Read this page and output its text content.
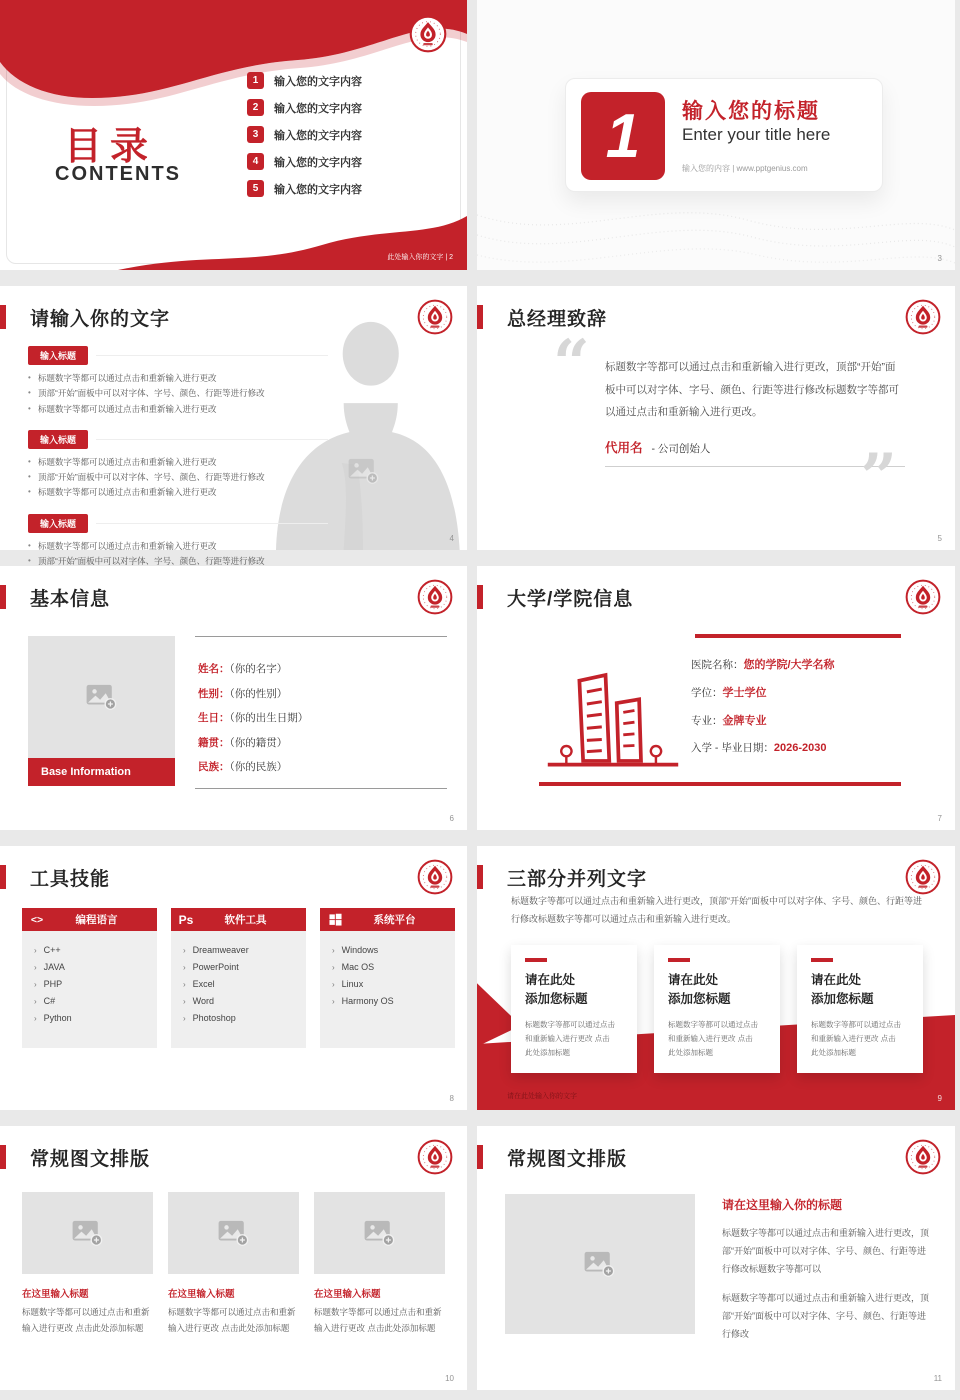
目录
CONTENTS
1	输入您的文字内容
2	输入您的文字内容
3	输入您的文字内容
4	输入您的文字内容
5	输入您的文字内容
此处输入你的文字 | 2
1	输入您的标题
Enter your title here
输入您的内容 | www.pptgenius.com
3
请输入你的文字
输入标题
• 标题数字等都可以通过点击和重新输入进行更改
• 顶部“开始”面板中可以对字体、字号、颜色、行距等进行修改
• 标题数字等都可以通过点击和重新输入进行更改
输入标题
• 标题数字等都可以通过点击和重新输入进行更改
• 顶部“开始”面板中可以对字体、字号、颜色、行距等进行修改
• 标题数字等都可以通过点击和重新输入进行更改
输入标题
• 标题数字等都可以通过点击和重新输入进行更改
• 顶部“开始”面板中可以对字体、字号、颜色、行距等进行修改
•
4
总经理致辞
“ 标题数字等都可以通过点击和重新输入进行更改，顶部“开始”面板中可以对字体、字号、颜色、行距等进行修改标题数字等都可以通过点击和重新输入进行更改。
代用名 - 公司创始人	”
5
基本信息
Base Information
姓名：（你的名字）
性别：（你的性别）
生日：（你的出生日期）
籍贯：（你的籍贯）
民族：（你的民族）
6
大学/学院信息
医院名称：您的学院/大学名称
学位：学士学位
专业：金牌专业
入学 - 毕业日期：2026-2030
7
工具技能
<>	编程语言
› C++
› JAVA
› PHP
› C#
› Python
Ps	软件工具
› Dreamweaver
› PowerPoint
› Excel
› Word
› Photoshop
系统平台
› Windows
› Mac OS
› Linux
› Harmony OS
8
三部分并列文字
标题数字等都可以通过点击和重新输入进行更改，顶部“开始”面板中可以对字体、字号、颜色、行距等进行修改标题数字等都可以通过点击和重新输入进行更改。
请在此处
添加您标题
标题数字等都可以通过点击和重新输入进行更改 点击此处添加标题
请在此处
添加您标题
标题数字等都可以通过点击和重新输入进行更改 点击此处添加标题
请在此处
添加您标题
标题数字等都可以通过点击和重新输入进行更改 点击此处添加标题
请在此处输入你的文字	9
常规图文排版
在这里输入标题
标题数字等都可以通过点击和重新输入进行更改 点击此处添加标题
在这里输入标题
标题数字等都可以通过点击和重新输入进行更改 点击此处添加标题
在这里输入标题
标题数字等都可以通过点击和重新输入进行更改 点击此处添加标题
10
常规图文排版
请在这里输入你的标题
标题数字等都可以通过点击和重新输入进行更改，顶部“开始”面板中可以对字体、字号、颜色、行距等进行修改标题数字等都可以
标题数字等都可以通过点击和重新输入进行更改，顶部“开始”面板中可以对字体、字号、颜色、行距等进行修改
11
